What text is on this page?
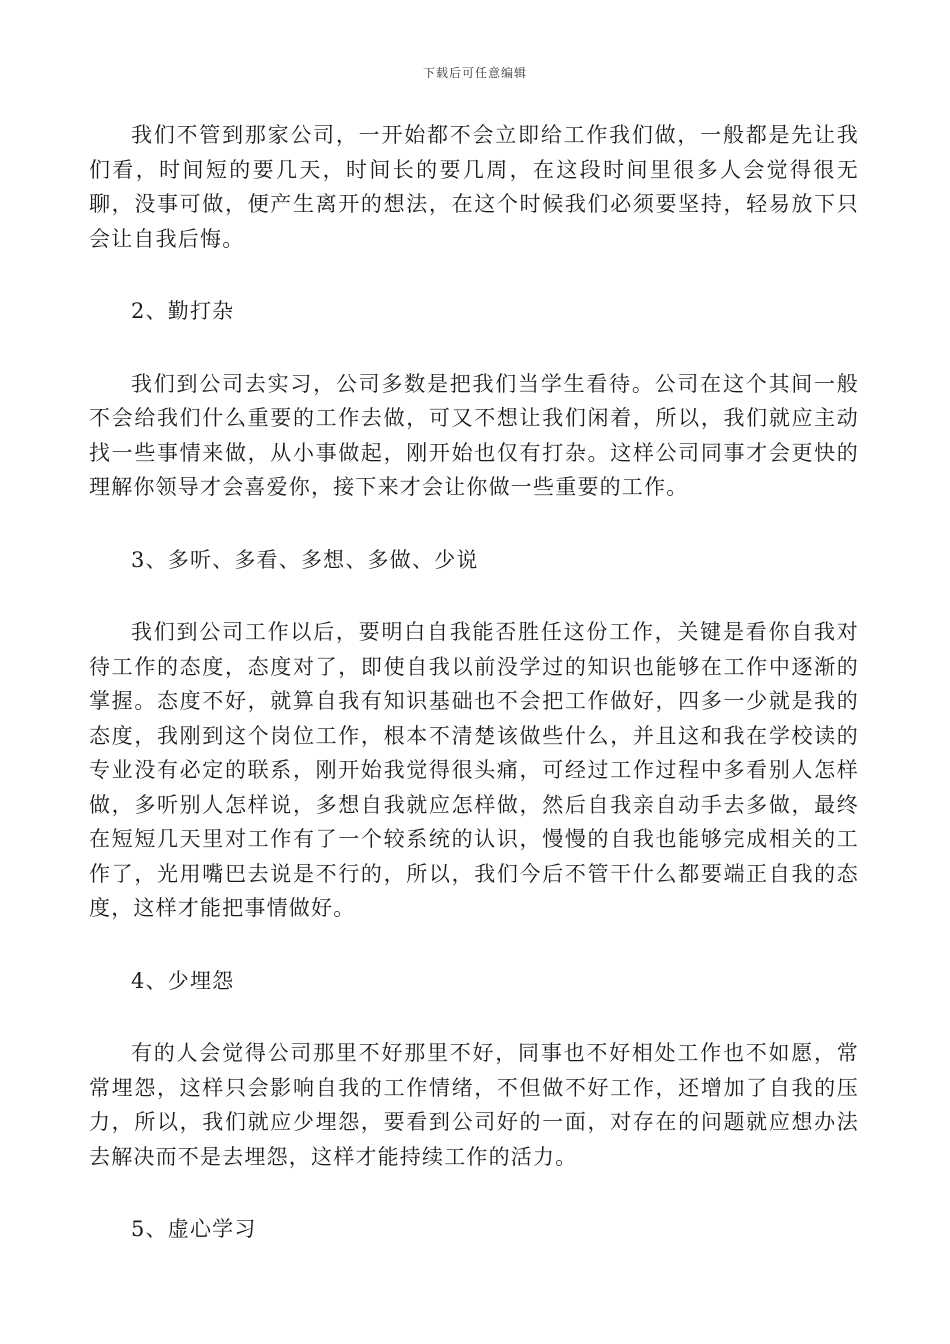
下载后可任意编辑

我们不管到那家公司，一开始都不会立即给工作我们做，一般都是先让我们看，时间短的要几天，时间长的要几周，在这段时间里很多人会觉得很无聊，没事可做，便产生离开的想法，在这个时候我们必须要坚持，轻易放下只会让自我后悔。

2、勤打杂

我们到公司去实习，公司多数是把我们当学生看待。公司在这个其间一般不会给我们什么重要的工作去做，可又不想让我们闲着，所以，我们就应主动找一些事情来做，从小事做起，刚开始也仅有打杂。这样公司同事才会更快的理解你领导才会喜爱你，接下来才会让你做一些重要的工作。

3、多听、多看、多想、多做、少说

我们到公司工作以后，要明白自我能否胜任这份工作，关键是看你自我对待工作的态度，态度对了，即使自我以前没学过的知识也能够在工作中逐渐的掌握。态度不好，就算自我有知识基础也不会把工作做好，四多一少就是我的态度，我刚到这个岗位工作，根本不清楚该做些什么，并且这和我在学校读的专业没有必定的联系，刚开始我觉得很头痛，可经过工作过程中多看别人怎样做，多听别人怎样说，多想自我就应怎样做，然后自我亲自动手去多做，最终在短短几天里对工作有了一个较系统的认识，慢慢的自我也能够完成相关的工作了，光用嘴巴去说是不行的，所以，我们今后不管干什么都要端正自我的态度，这样才能把事情做好。

4、少埋怨

有的人会觉得公司那里不好那里不好，同事也不好相处工作也不如愿，常常埋怨，这样只会影响自我的工作情绪，不但做不好工作，还增加了自我的压力，所以，我们就应少埋怨，要看到公司好的一面，对存在的问题就应想办法去解决而不是去埋怨，这样才能持续工作的活力。

5、虚心学习
